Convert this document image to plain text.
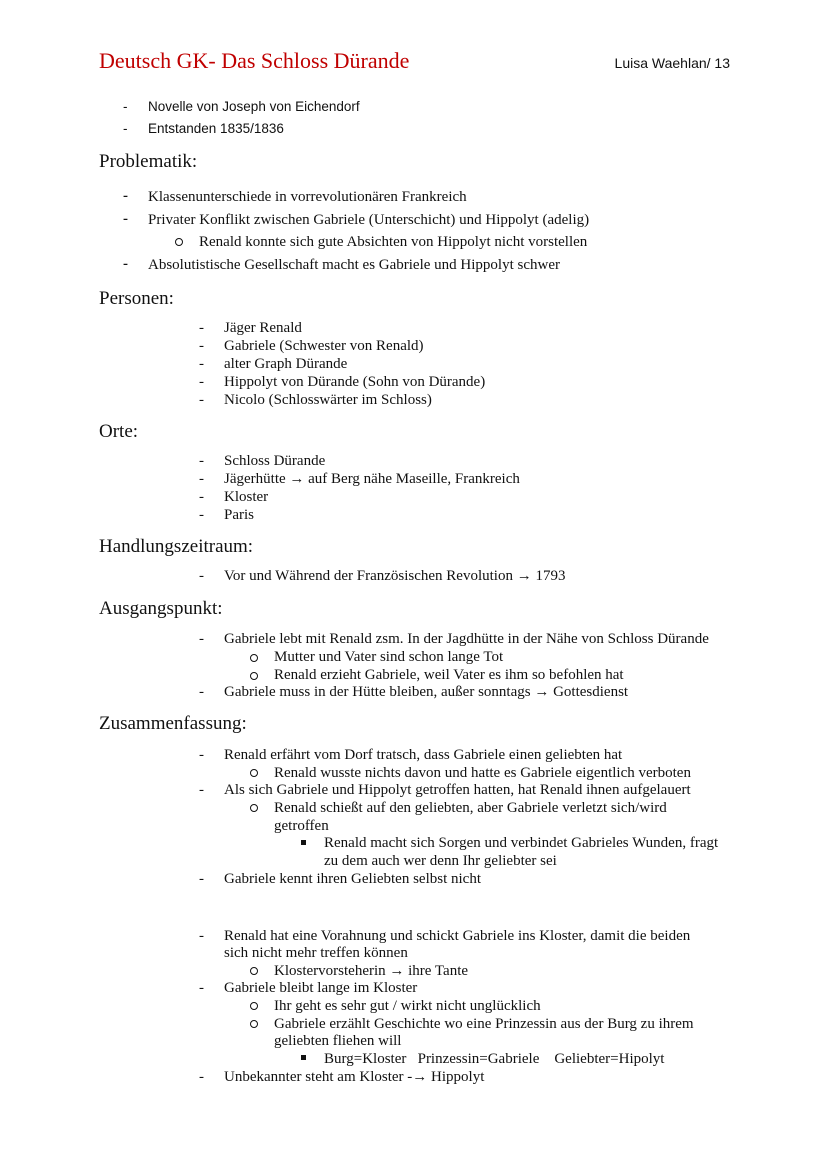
Deutsch GK- Das Schloss Dürande	Luisa Waehlan/ 13
- Novelle von Joseph von Eichendorf
- Entstanden 1835/1836
Problematik:
- Klassenunterschiede in vorrevolutionären Frankreich
- Privater Konflikt zwischen Gabriele (Unterschicht) und Hippolyt (adelig)
Renald konnte sich gute Absichten von Hippolyt nicht vorstellen
- Absolutistische Gesellschaft macht es Gabriele und Hippolyt schwer
Personen:
- Jäger Renald
- Gabriele (Schwester von Renald)
- alter Graph Dürande
- Hippolyt von Dürande (Sohn von Dürande)
- Nicolo (Schlosswärter im Schloss)
Orte:
- Schloss Dürande
- Jägerhütte → auf Berg nähe Maseille, Frankreich
- Kloster
- Paris
Handlungszeitraum:
- Vor und Während der Französischen Revolution → 1793
Ausgangspunkt:
- Gabriele lebt mit Renald zsm. In der Jagdhütte in der Nähe von Schloss Dürande
Mutter und Vater sind schon lange Tot
Renald erzieht Gabriele, weil Vater es ihm so befohlen hat
- Gabriele muss in der Hütte bleiben, außer sonntags → Gottesdienst
Zusammenfassung:
- Renald erfährt vom Dorf tratsch, dass Gabriele einen geliebten hat
Renald wusste nichts davon und hatte es Gabriele eigentlich verboten
- Als sich Gabriele und Hippolyt getroffen hatten, hat Renald ihnen aufgelauert
Renald schießt auf den geliebten, aber Gabriele verletzt sich/wird
getroffen
Renald macht sich Sorgen und verbindet Gabrieles Wunden, fragt
zu dem auch wer denn Ihr geliebter sei
- Gabriele kennt ihren Geliebten selbst nicht
- Renald hat eine Vorahnung und schickt Gabriele ins Kloster, damit die beiden
sich nicht mehr treffen können
Klostervorsteherin → ihre Tante
- Gabriele bleibt lange im Kloster
Ihr geht es sehr gut / wirkt nicht unglücklich
Gabriele erzählt Geschichte wo eine Prinzessin aus der Burg zu ihrem
geliebten fliehen will
Burg=Kloster   Prinzessin=Gabriele    Geliebter=Hipolyt
- Unbekannter steht am Kloster -→ Hippolyt
